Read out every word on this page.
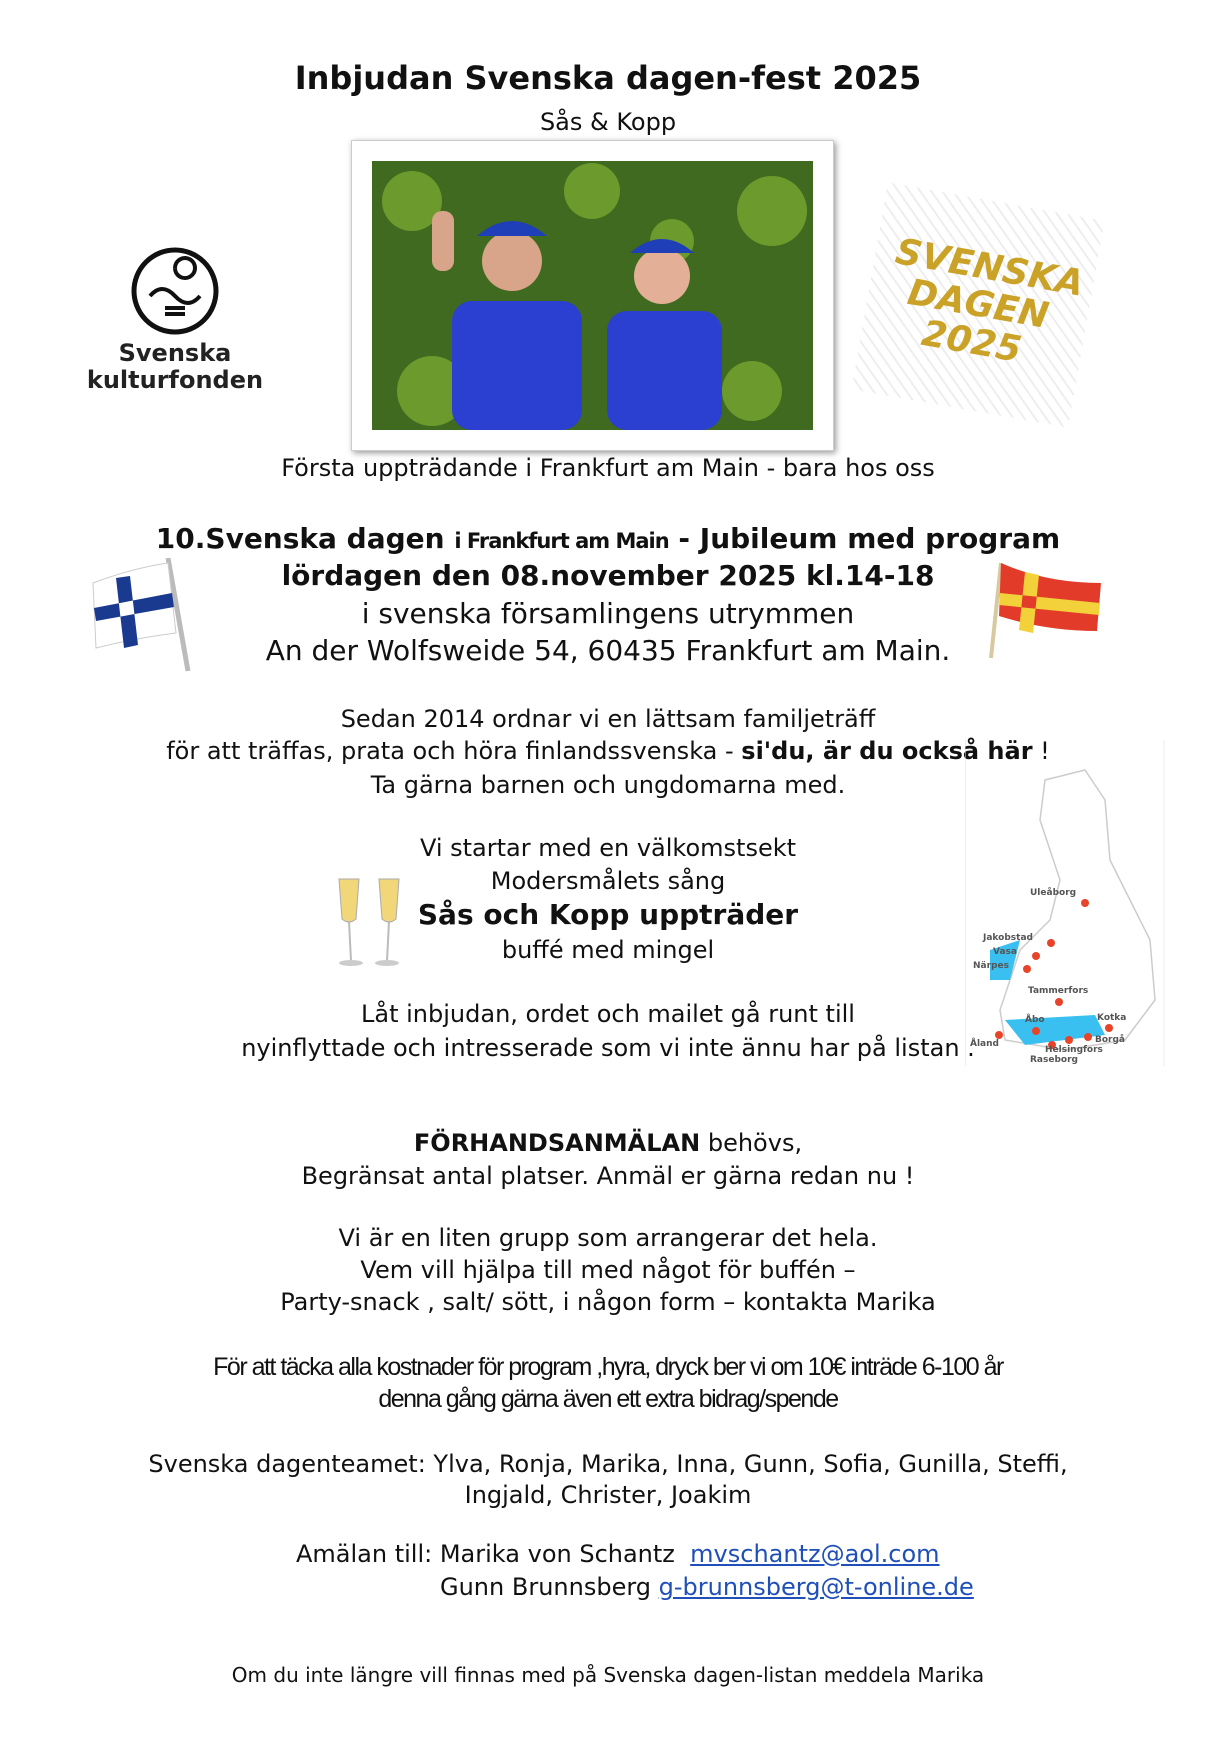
Inbjudan Svenska dagen-fest 2025
Sås & Kopp
Svenska
kulturfonden
SVENSKA DAGEN 2025
Första uppträdande i Frankfurt am Main - bara hos oss
10.Svenska dagen i Frankfurt am Main - Jubileum med program
lördagen den 08.november 2025 kl.14-18
i svenska församlingens utrymmen
An der Wolfsweide 54, 60435 Frankfurt am Main.
Sedan 2014 ordnar vi en lättsam familjeträff
för att träffas, prata och höra finlandssvenska - si'du, är du också här !
Ta gärna barnen och ungdomarna med.
Uleåborg
Jakobstad
Vasa
Närpes
Tammerfors
Åbo	Kotka
Åland	Borgå
Helsingfors
Raseborg
Vi startar med en välkomstsekt
Modersmålets sång
Sås och Kopp uppträder
buffé med mingel
Låt inbjudan, ordet och mailet gå runt till
nyinflyttade och intresserade som vi inte ännu har på listan .
FÖRHANDSANMÄLAN behövs,
Begränsat antal platser. Anmäl er gärna redan nu !
Vi är en liten grupp som arrangerar det hela.
Vem vill hjälpa till med något för buffén –
Party-snack , salt/ sött, i någon form – kontakta Marika
För att täcka alla kostnader för program ,hyra, dryck ber vi om 10€ inträde 6-100 år
denna gång gärna även ett extra bidrag/spende
Svenska dagenteamet: Ylva, Ronja, Marika, Inna, Gunn, Sofia, Gunilla, Steffi,
Ingjald, Christer, Joakim
Amälan till: Marika von Schantz  mvschantz@aol.com
Gunn Brunnsberg g-brunnsberg@t-online.de
Om du inte längre vill finnas med på Svenska dagen-listan meddela Marika
